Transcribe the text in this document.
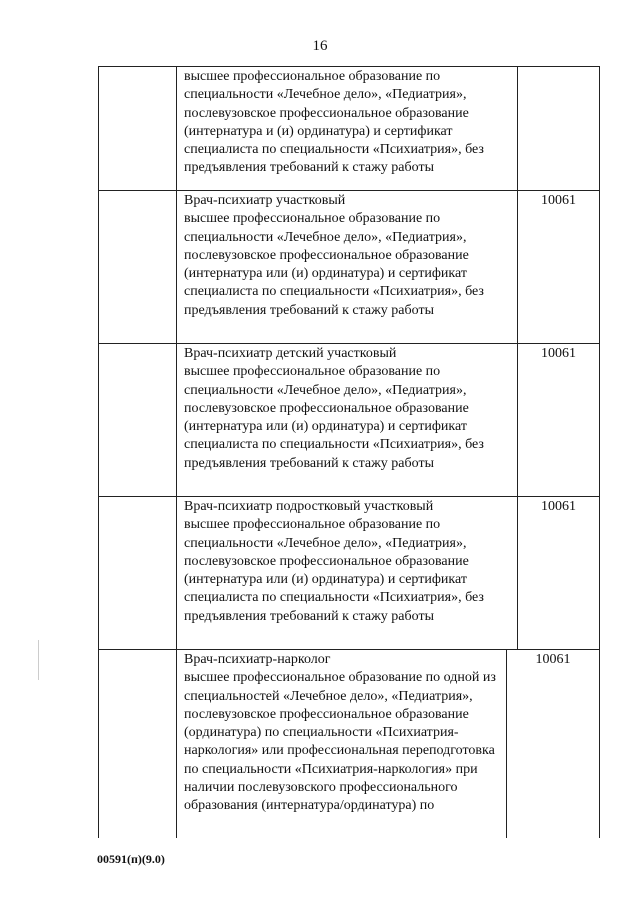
16
высшее профессиональное образование по
специальности «Лечебное дело», «Педиатрия»,
послевузовское профессиональное образование
(интернатура и (и) ординатура) и сертификат
специалиста по специальности «Психиатрия», без
предъявления требований к стажу работы
Врач-психиатр участковый
высшее профессиональное образование по
специальности «Лечебное дело», «Педиатрия»,
послевузовское профессиональное образование
(интернатура или (и) ординатура) и сертификат
специалиста по специальности «Психиатрия», без
предъявления требований к стажу работы
10061
Врач-психиатр детский участковый
высшее профессиональное образование по
специальности «Лечебное дело», «Педиатрия»,
послевузовское профессиональное образование
(интернатура или (и) ординатура) и сертификат
специалиста по специальности «Психиатрия», без
предъявления требований к стажу работы
10061
Врач-психиатр подростковый участковый
высшее профессиональное образование по
специальности «Лечебное дело», «Педиатрия»,
послевузовское профессиональное образование
(интернатура или (и) ординатура) и сертификат
специалиста по специальности «Психиатрия», без
предъявления требований к стажу работы
10061
Врач-психиатр-нарколог
высшее профессиональное образование по одной из
специальностей «Лечебное дело», «Педиатрия»,
послевузовское профессиональное образование
(ординатура) по специальности «Психиатрия-
наркология» или профессиональная переподготовка
по специальности «Психиатрия-наркология» при
наличии послевузовского профессионального
образования (интернатура/ординатура) по
10061
00591(п)(9.0)
